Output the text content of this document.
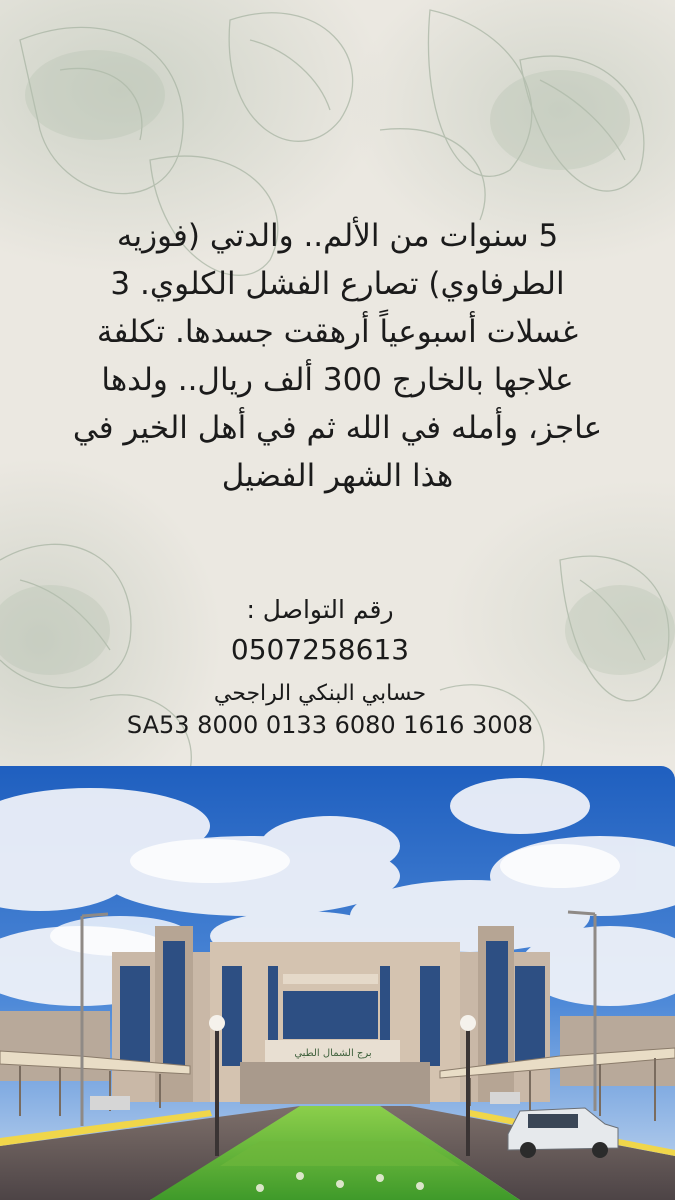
5 سنوات من الألم.. والدتي (فوزيه الطرفاوي) تصارع الفشل الكلوي. 3 غسلات أسبوعياً أرهقت جسدها. تكلفة علاجها بالخارج 300 ألف ريال.. ولدها عاجز، وأمله في الله ثم في أهل الخير في هذا الشهر الفضيل

رقم التواصل :
0507258613
حسابي البنكي الراجحي
SA53 8000 0133 6080 1616 3008
برج الشمال الطبي
